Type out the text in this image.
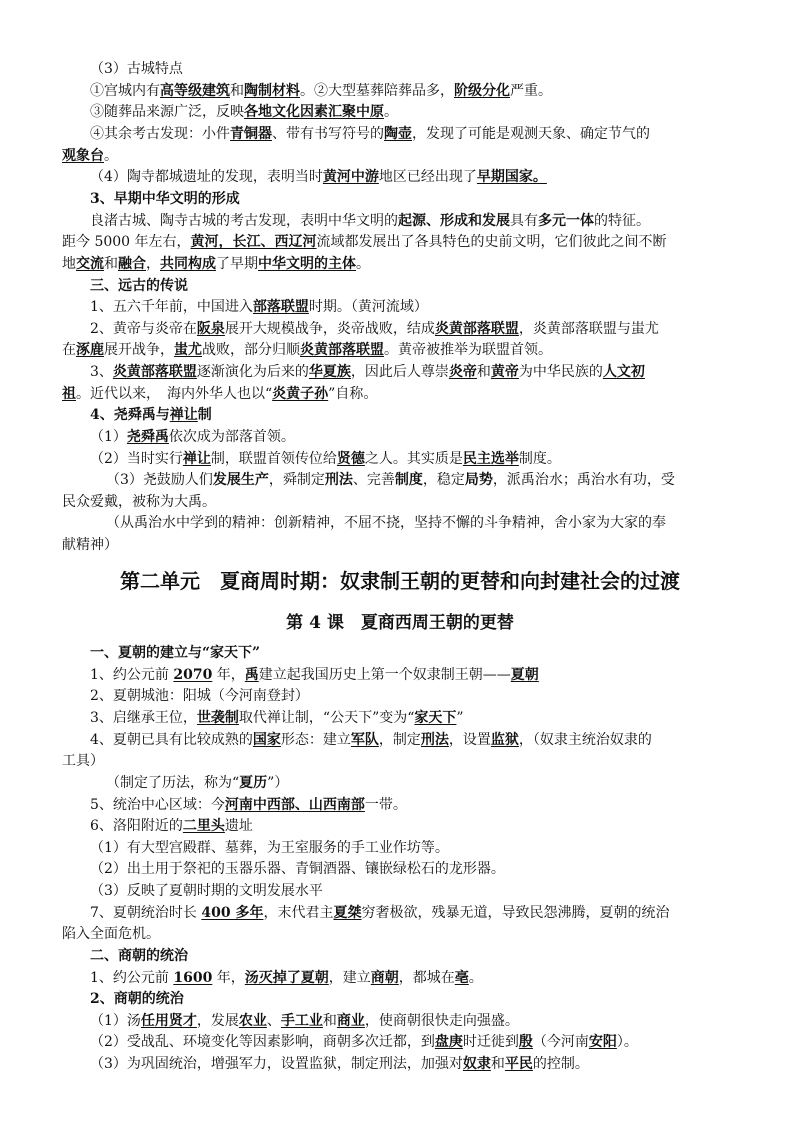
（3）古城特点
①宫城内有高等级建筑和陶制材料。②大型墓葬陪葬品多，阶级分化严重。
③随葬品来源广泛，反映各地文化因素汇聚中原。
④其余考古发现：小件青铜器、带有书写符号的陶壶，发现了可能是观测天象、确定节气的
观象台。
（4）陶寺都城遗址的发现，表明当时黄河中游地区已经出现了早期国家。
3、早期中华文明的形成
良渚古城、陶寺古城的考古发现，表明中华文明的起源、形成和发展具有多元一体的特征。
距今 5000 年左右，黄河，长江、西辽河流域都发展出了各具特色的史前文明，它们彼此之间不断
地交流和融合，共同构成了早期中华文明的主体。
三、远古的传说
1、五六千年前，中国进入部落联盟时期。（黄河流域）
2、黄帝与炎帝在阪泉展开大规模战争，炎帝战败，结成炎黄部落联盟，炎黄部落联盟与蚩尤
在涿鹿展开战争，蚩尤战败，部分归顺炎黄部落联盟。黄帝被推举为联盟首领。
3、炎黄部落联盟逐渐演化为后来的华夏族，因此后人尊崇炎帝和黄帝为中华民族的人文初
祖。近代以来，　海内外华人也以“炎黄子孙”自称。
4、尧舜禹与禅让制
（1）尧舜禹依次成为部落首领。
（2）当时实行禅让制，联盟首领传位给贤德之人。其实质是民主选举制度。
（3）尧鼓励人们发展生产，舜制定刑法、完善制度，稳定局势，派禹治水；禹治水有功，受
民众爱戴，被称为大禹。
（从禹治水中学到的精神：创新精神，不屈不挠，坚持不懈的斗争精神，舍小家为大家的奉
献精神）
第二单元　夏商周时期：奴隶制王朝的更替和向封建社会的过渡
第 4 课　夏商西周王朝的更替
一、夏朝的建立与“家天下”
1、约公元前 2070 年，禹建立起我国历史上第一个奴隶制王朝——夏朝
2、夏朝城池：阳城（今河南登封）
3、启继承王位，世袭制取代禅让制，“公天下”变为“家天下”
4、夏朝已具有比较成熟的国家形态：建立军队，制定刑法，设置监狱，（奴隶主统治奴隶的
工具）
（制定了历法，称为“夏历”）
5、统治中心区域：今河南中西部、山西南部一带。
6、洛阳附近的二里头遗址
（1）有大型宫殿群、墓葬，为王室服务的手工业作坊等。
（2）出土用于祭祀的玉器乐器、青铜酒器、镶嵌绿松石的龙形器。
（3）反映了夏朝时期的文明发展水平
7、夏朝统治时长 400 多年，末代君主夏桀穷奢极欲，残暴无道，导致民怨沸腾，夏朝的统治
陷入全面危机。
二、商朝的统治
1、约公元前 1600 年，汤灭掉了夏朝，建立商朝，都城在亳。
2、商朝的统治
（1）汤任用贤才，发展农业、手工业和商业，使商朝很快走向强盛。
（2）受战乱、环境变化等因素影响，商朝多次迁都，到盘庚时迁徙到殷（今河南安阳）。
（3）为巩固统治，增强军力，设置监狱，制定刑法，加强对奴隶和平民的控制。
